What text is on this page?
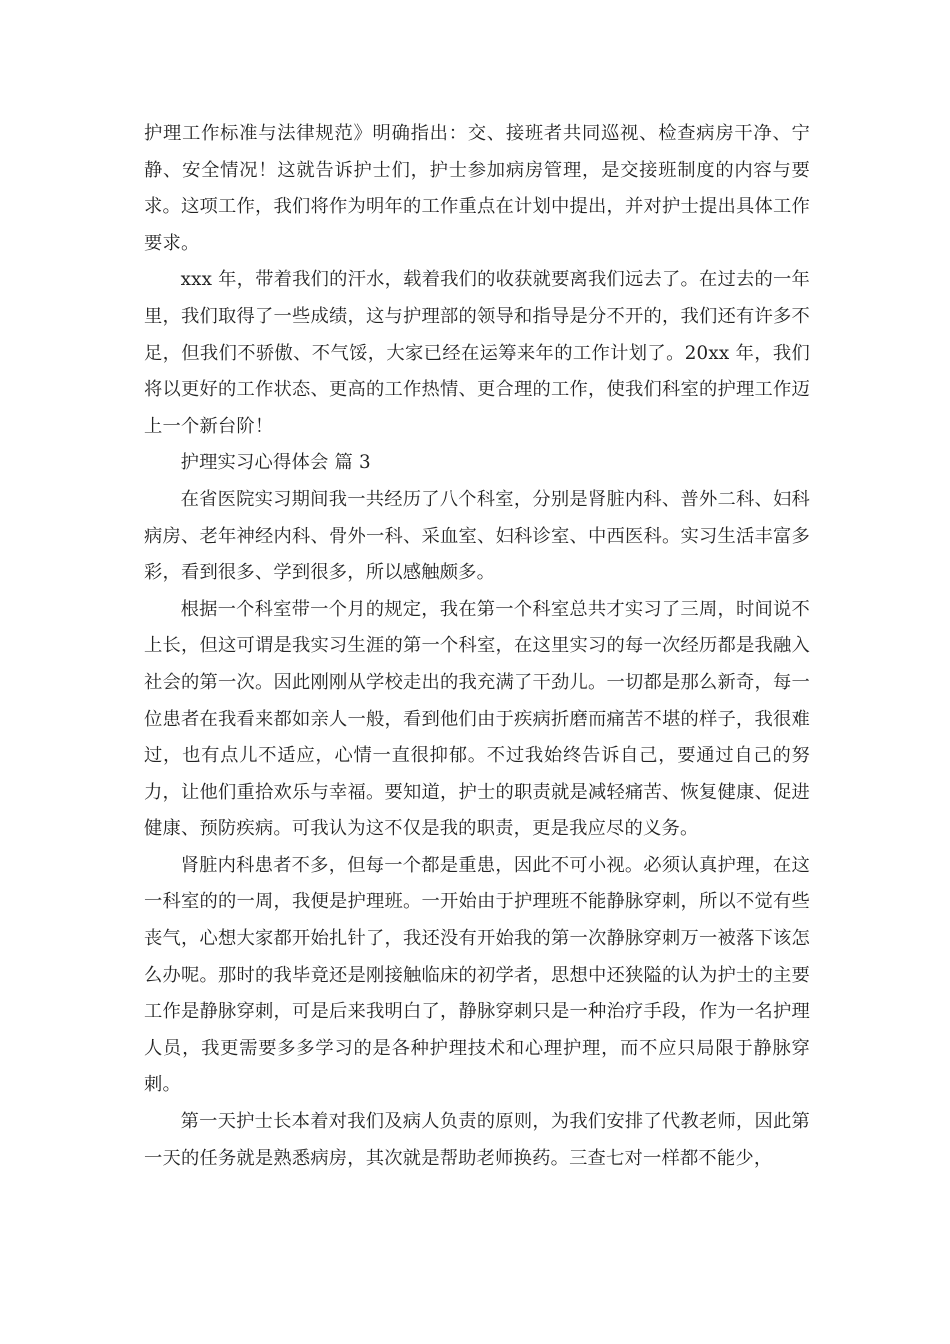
护理工作标准与法律规范》明确指出：交、接班者共同巡视、检查病房干净、宁静、安全情况！这就告诉护士们，护士参加病房管理，是交接班制度的内容与要求。这项工作，我们将作为明年的工作重点在计划中提出，并对护士提出具体工作要求。

xxx 年，带着我们的汗水，载着我们的收获就要离我们远去了。在过去的一年里，我们取得了一些成绩，这与护理部的领导和指导是分不开的，我们还有许多不足，但我们不骄傲、不气馁，大家已经在运筹来年的工作计划了。20xx 年，我们将以更好的工作状态、更高的工作热情、更合理的工作，使我们科室的护理工作迈上一个新台阶！

护理实习心得体会 篇 3

在省医院实习期间我一共经历了八个科室，分别是肾脏内科、普外二科、妇科病房、老年神经内科、骨外一科、采血室、妇科诊室、中西医科。实习生活丰富多彩，看到很多、学到很多，所以感触颇多。

根据一个科室带一个月的规定，我在第一个科室总共才实习了三周，时间说不上长，但这可谓是我实习生涯的第一个科室，在这里实习的每一次经历都是我融入社会的第一次。因此刚刚从学校走出的我充满了干劲儿。一切都是那么新奇，每一位患者在我看来都如亲人一般，看到他们由于疾病折磨而痛苦不堪的样子，我很难过，也有点儿不适应，心情一直很抑郁。不过我始终告诉自己，要通过自己的努力，让他们重拾欢乐与幸福。要知道，护士的职责就是减轻痛苦、恢复健康、促进健康、预防疾病。可我认为这不仅是我的职责，更是我应尽的义务。

肾脏内科患者不多，但每一个都是重患，因此不可小视。必须认真护理，在这一科室的的一周，我便是护理班。一开始由于护理班不能静脉穿刺，所以不觉有些丧气，心想大家都开始扎针了，我还没有开始我的第一次静脉穿刺万一被落下该怎么办呢。那时的我毕竟还是刚接触临床的初学者，思想中还狭隘的认为护士的主要工作是静脉穿刺，可是后来我明白了，静脉穿刺只是一种治疗手段，作为一名护理人员，我更需要多多学习的是各种护理技术和心理护理，而不应只局限于静脉穿刺。

第一天护士长本着对我们及病人负责的原则，为我们安排了代教老师，因此第一天的任务就是熟悉病房，其次就是帮助老师换药。三查七对一样都不能少，
